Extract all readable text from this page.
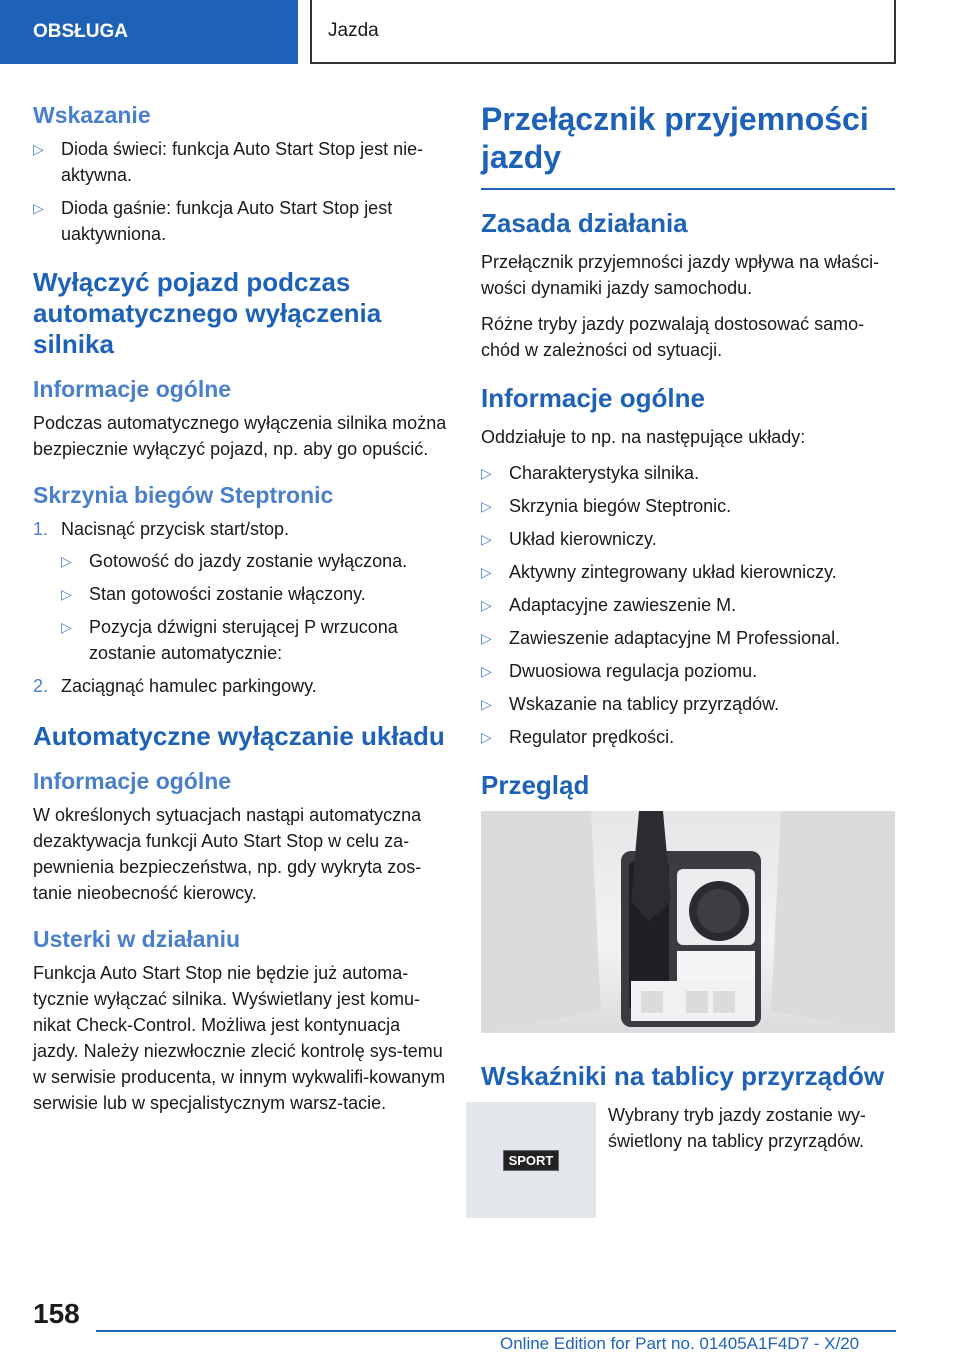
OBSŁUGA	Jazda
Wskazanie
▷ Dioda świeci: funkcja Auto Start Stop jest nie-aktywna.
▷ Dioda gaśnie: funkcja Auto Start Stop jest uaktywniona.
Wyłączyć pojazd podczas automatycznego wyłączenia silnika
Informacje ogólne

Podczas automatycznego wyłączenia silnika można bezpiecznie wyłączyć pojazd, np. aby go opuścić.

Skrzynia biegów Steptronic
1. Nacisnąć przycisk start/stop.
▷ Gotowość do jazdy zostanie wyłączona.
▷ Stan gotowości zostanie włączony.
▷ Pozycja dźwigni sterującej P wrzucona zostanie automatycznie:
2. Zaciągnąć hamulec parkingowy.
Automatyczne wyłączanie układu
Informacje ogólne

W określonych sytuacjach nastąpi automatyczna dezaktywacja funkcji Auto Start Stop w celu za-pewnienia bezpieczeństwa, np. gdy wykryta zos-tanie nieobecność kierowcy.

Usterki w działaniu

Funkcja Auto Start Stop nie będzie już automa-tycznie wyłączać silnika. Wyświetlany jest komu-nikat Check-Control. Możliwa jest kontynuacja jazdy. Należy niezwłocznie zlecić kontrolę sys-temu w serwisie producenta, w innym wykwalifi-kowanym serwisie lub w specjalistycznym warsz-tacie.

Przełącznik przyjemności jazdy
Zasada działania

Przełącznik przyjemności jazdy wpływa na właści-wości dynamiki jazdy samochodu.

Różne tryby jazdy pozwalają dostosować samo-chód w zależności od sytuacji.

Informacje ogólne

Oddziałuje to np. na następujące układy:

▷ Charakterystyka silnika.
▷ Skrzynia biegów Steptronic.
▷ Układ kierowniczy.
▷ Aktywny zintegrowany układ kierowniczy.
▷ Adaptacyjne zawieszenie M.
▷ Zawieszenie adaptacyjne M Professional.
▷ Dwuosiowa regulacja poziomu.
▷ Wskazanie na tablicy przyrządów.
▷ Regulator prędkości.
Przegląd
Wskaźniki na tablicy przyrządów
SPORT

Wybrany tryb jazdy zostanie wy-świetlony na tablicy przyrządów.

158
Online Edition for Part no. 01405A1F4D7 - X/20
